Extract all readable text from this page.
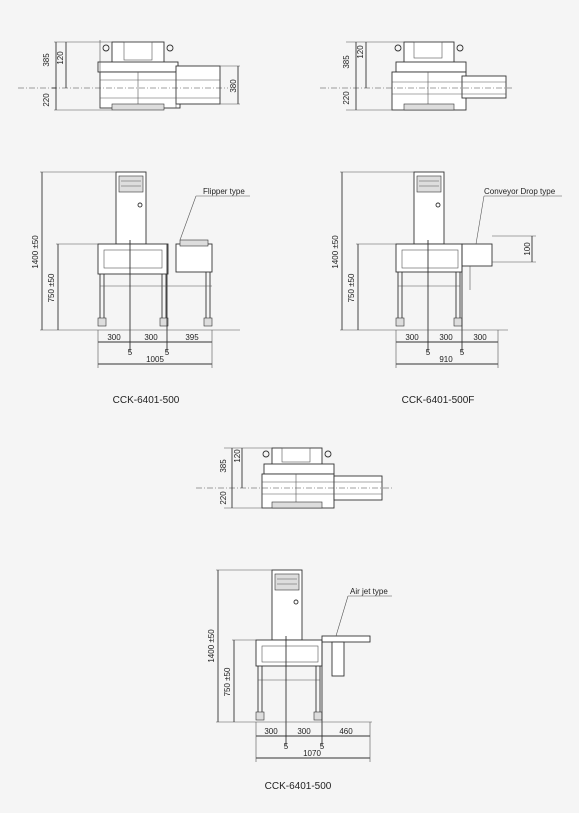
385 120
220
380
385
120
220
Flipper type
1400 ±50
750 ±50
300	300	395
5	5
1005
CCK-6401-500
Conveyor Drop type
1400 ±50
750 ±50
100
300	300	300
5	5
910
CCK-6401-500F
385
120
220
Air jet type
1400 ±50
750 ±50
300 300	460
5	5
1070
CCK-6401-500
